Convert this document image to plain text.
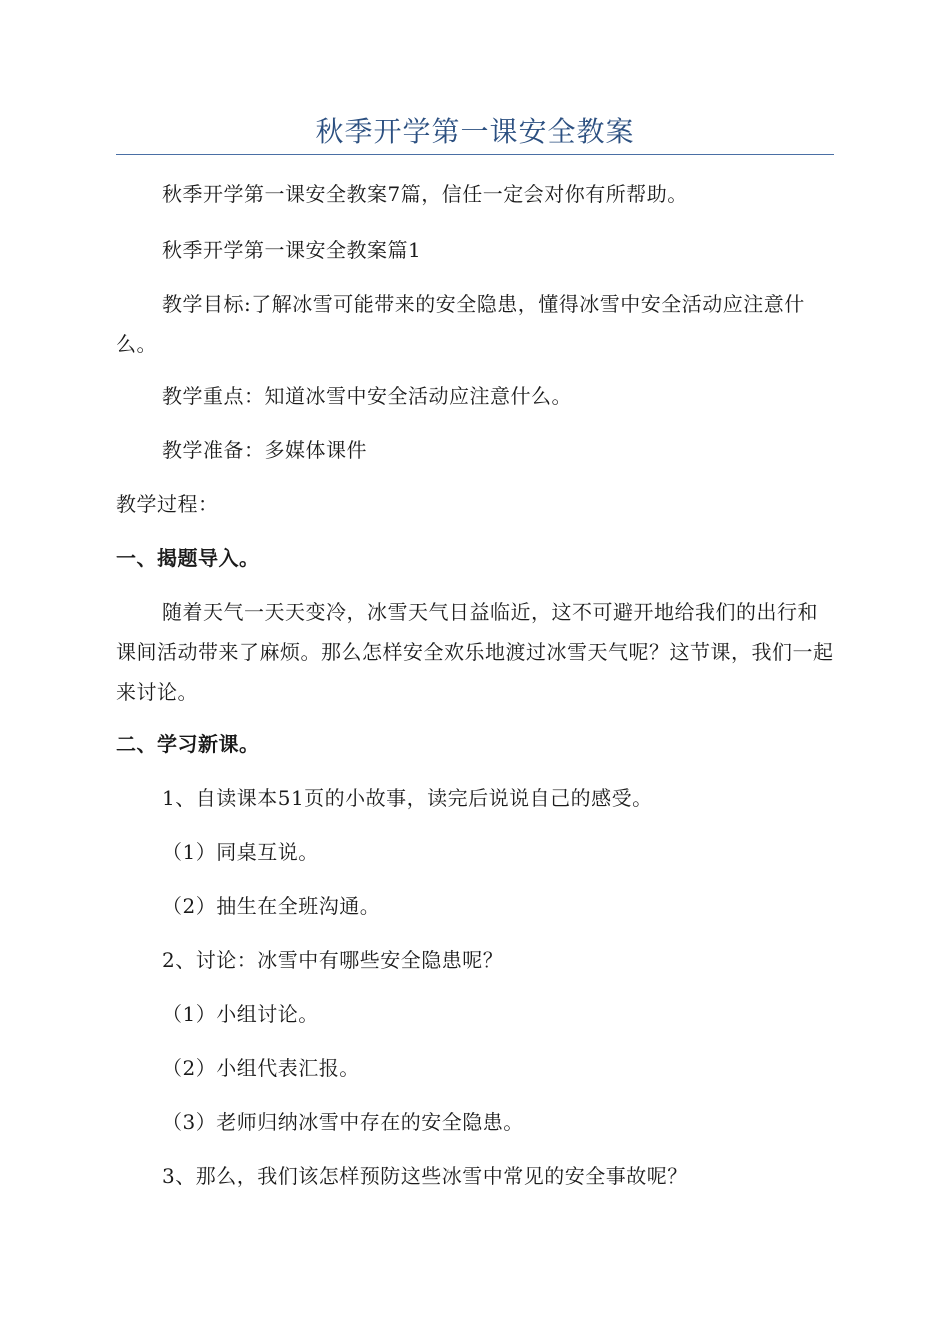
秋季开学第一课安全教案

秋季开学第一课安全教案7篇，信任一定会对你有所帮助。

秋季开学第一课安全教案篇1

教学目标:了解冰雪可能带来的安全隐患，懂得冰雪中安全活动应注意什么。

教学重点：知道冰雪中安全活动应注意什么。

教学准备：多媒体课件

教学过程：

一、揭题导入。

随着天气一天天变冷，冰雪天气日益临近，这不可避开地给我们的出行和课间活动带来了麻烦。那么怎样安全欢乐地渡过冰雪天气呢？这节课，我们一起来讨论。

二、学习新课。

1、自读课本51页的小故事，读完后说说自己的感受。

（1）同桌互说。

（2）抽生在全班沟通。

2、讨论：冰雪中有哪些安全隐患呢？

（1）小组讨论。

（2）小组代表汇报。

（3）老师归纳冰雪中存在的安全隐患。

3、那么，我们该怎样预防这些冰雪中常见的安全事故呢？
